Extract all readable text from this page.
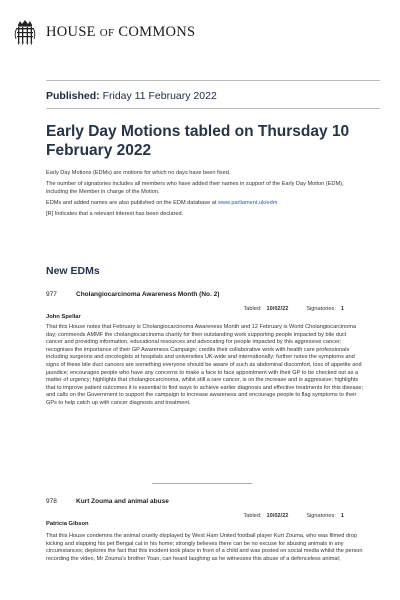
HOUSE OF COMMONS
Published: Friday 11 February 2022
Early Day Motions tabled on Thursday 10 February 2022

Early Day Motions (EDMs) are motions for which no days have been fixed.

The number of signatories includes all members who have added their names in support of the Early Day Motion (EDM), including the Member in charge of the Motion.

EDMs and added names are also published on the EDM database at www.parliament.uk/edm

[R] Indicates that a relevant interest has been declared.

New EDMs
977	Cholangiocarcinoma Awareness Month (No. 2)
Tabled: 10/02/22	Signatories: 1
John Spellar
That this House notes that February is Cholangiocarcinoma Awareness Month and 12 February is World Cholangiocarcinoma day; commends AMMF the cholangiocarcinoma charity for their outstanding work supporting people impacted by bile duct cancer and providing information, educational resources and advocating for people impacted by this aggressive cancer; recognises the importance of their GP Awareness Campaign; credits their collaborative work with health care professionals including surgeons and oncologists at hospitals and universities UK-wide and internationally; further notes the symptoms and signs of these bile duct cancers are something everyone should be aware of such as abdominal discomfort, loss of appetite and jaundice; encourages people who have any concerns to make a face to face appointment with their GP to be checked out as a matter of urgency; highlights that cholangiocarcinoma, whilst still a rare cancer, is on the increase and is aggressive; highlights that to improve patient outcomes it is essential to find ways to achieve earlier diagnosis and effective treatments for this disease; and calls on the Government to support the campaign to increase awareness and encourage people to flag symptoms to their GPs to help catch up with cancer diagnosis and treatment.
978	Kurt Zouma and animal abuse
Tabled: 10/02/22	Signatories: 1
Patricia Gibson
That this House condemns the animal cruelty displayed by West Ham United football player Kurt Zouma, who was filmed drop kicking and slapping his pet Bengal cat in his home; strongly believes there can be no excuse for abusing animals in any circumstances; deplores the fact that this incident took place in front of a child and was posted on social media whilst the person recording the video, Mr Zouma's brother Yoan, can heard laughing as he witnesses this abuse of a defenceless animal;
